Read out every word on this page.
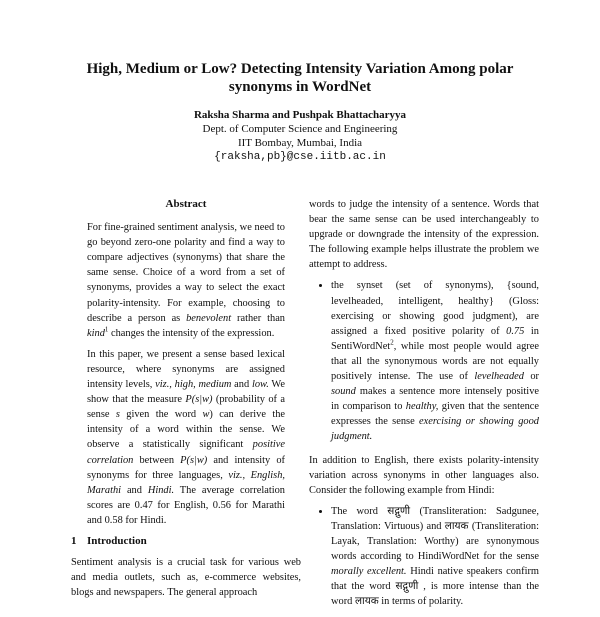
High, Medium or Low? Detecting Intensity Variation Among polar
synonyms in WordNet
Raksha Sharma and Pushpak Bhattacharyya
Dept. of Computer Science and Engineering
IIT Bombay, Mumbai, India
{raksha,pb}@cse.iitb.ac.in
Abstract

For fine-grained sentiment analysis, we need to go beyond zero-one polarity and find a way to compare adjectives (synonyms) that share the same sense. Choice of a word from a set of synonyms, provides a way to select the exact polarity-intensity. For example, choosing to describe a person as benevolent rather than kind$^1$ changes the intensity of the expression.

In this paper, we present a sense based lexical resource, where synonyms are assigned intensity levels, viz., high, medium and low. We show that the measure P(s|w) (probability of a sense s given the word w) can derive the intensity of a word within the sense. We observe a statistically significant positive correlation between P(s|w) and intensity of synonyms for three languages, viz., English, Marathi and Hindi. The average correlation scores are 0.47 for English, 0.56 for Marathi and 0.58 for Hindi.

1 Introduction

Sentiment analysis is a crucial task for various web and media outlets, such as, e-commerce websites, blogs and newspapers. The general approach

words to judge the intensity of a sentence. Words that bear the same sense can be used interchangeably to upgrade or downgrade the intensity of the expression. The following example helps illustrate the problem we attempt to address.

• the synset (set of synonyms), {sound, levelheaded, intelligent, healthy} (Gloss: exercising or showing good judgment), are assigned a fixed positive polarity of 0.75 in SentiWordNet$^2$, while most people would agree that all the synonymous words are not equally positively intense. The use of levelheaded or sound makes a sentence more intensely positive in comparison to healthy, given that the sentence expresses the sense exercising or showing good judgment.

In addition to English, there exists polarity-intensity variation across synonyms in other languages also. Consider the following example from Hindi:

• The word सद्गुणी (Transliteration: Sadgunee, Translation: Virtuous) and लायक (Transliteration: Layak, Translation: Worthy) are synonymous words according to HindiWordNet for the sense morally excellent. Hindi native speakers confirm that the word सद्गुणी , is more intense than the word लायक in terms of polarity.
